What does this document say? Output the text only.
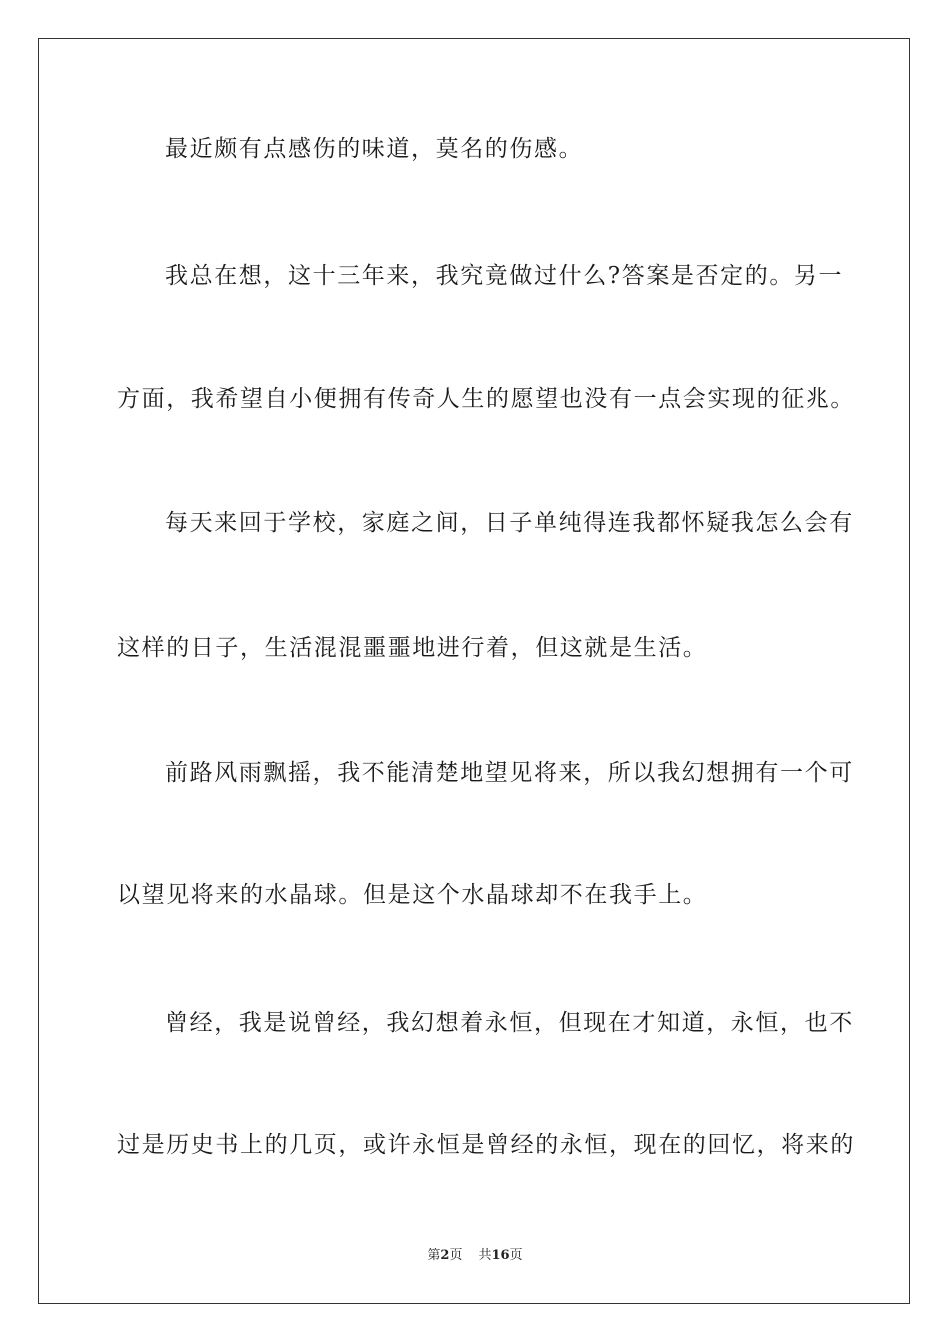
最近颇有点感伤的味道，莫名的伤感。
我总在想，这十三年来，我究竟做过什么?答案是否定的。另一
方面，我希望自小便拥有传奇人生的愿望也没有一点会实现的征兆。
每天来回于学校，家庭之间，日子单纯得连我都怀疑我怎么会有
这样的日子，生活混混噩噩地进行着，但这就是生活。
前路风雨飘摇，我不能清楚地望见将来，所以我幻想拥有一个可
以望见将来的水晶球。但是这个水晶球却不在我手上。
曾经，我是说曾经，我幻想着永恒，但现在才知道，永恒，也不
过是历史书上的几页，或许永恒是曾经的永恒，现在的回忆，将来的
第2页 共16页
